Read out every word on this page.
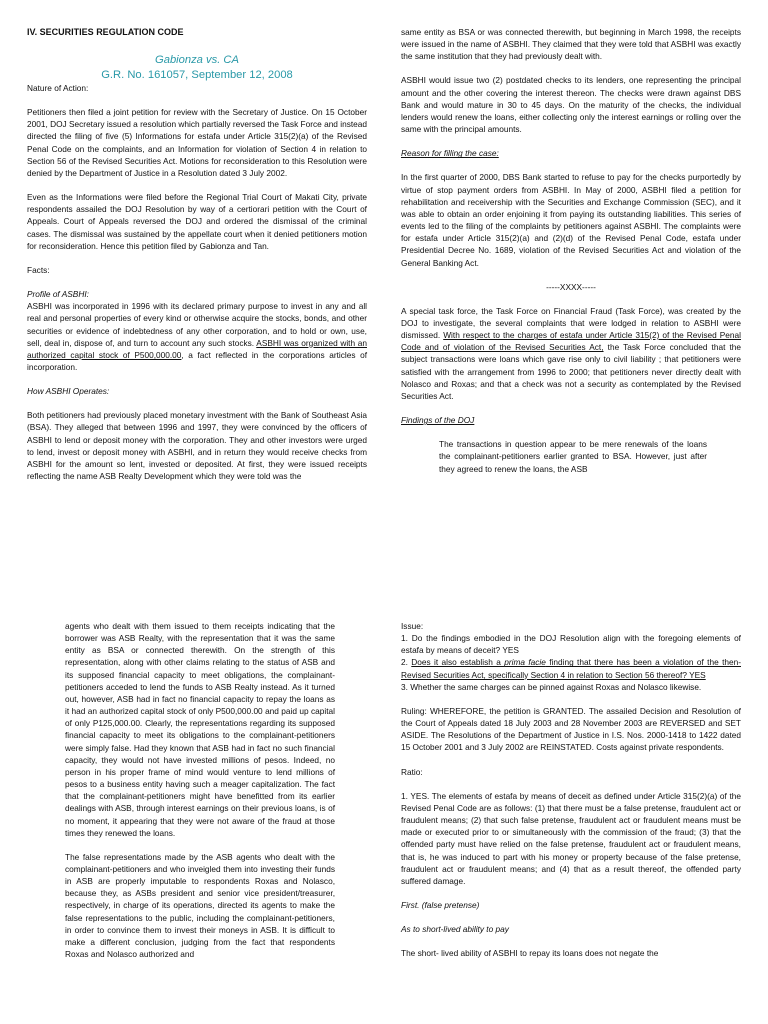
IV. SECURITIES REGULATION CODE
Gabionza vs. CA
G.R. No. 161057, September 12, 2008

Nature of Action:

Petitioners then filed a joint petition for review with the Secretary of Justice. On 15 October 2001, DOJ Secretary issued a resolution which partially reversed the Task Force and instead directed the filing of five (5) Informations for estafa under Article 315(2)(a) of the Revised Penal Code on the complaints, and an Information for violation of Section 4 in relation to Section 56 of the Revised Securities Act. Motions for reconsideration to this Resolution were denied by the Department of Justice in a Resolution dated 3 July 2002.

Even as the Informations were filed before the Regional Trial Court of Makati City, private respondents assailed the DOJ Resolution by way of a certiorari petition with the Court of Appeals. Court of Appeals reversed the DOJ and ordered the dismissal of the criminal cases. The dismissal was sustained by the appellate court when it denied petitioners motion for reconsideration. Hence this petition filed by Gabionza and Tan.

Facts:

Profile of ASBHI:

ASBHI was incorporated in 1996 with its declared primary purpose to invest in any and all real and personal properties of every kind or otherwise acquire the stocks, bonds, and other securities or evidence of indebtedness of any other corporation, and to hold or own, use, sell, deal in, dispose of, and turn to account any such stocks. ASBHI was organized with an authorized capital stock of P500,000.00, a fact reflected in the corporations articles of incorporation.

How ASBHI Operates:

Both petitioners had previously placed monetary investment with the Bank of Southeast Asia (BSA). They alleged that between 1996 and 1997, they were convinced by the officers of ASBHI to lend or deposit money with the corporation. They and other investors were urged to lend, invest or deposit money with ASBHI, and in return they would receive checks from ASBHI for the amount so lent, invested or deposited. At first, they were issued receipts reflecting the name ASB Realty Development which they were told was the

same entity as BSA or was connected therewith, but beginning in March 1998, the receipts were issued in the name of ASBHI. They claimed that they were told that ASBHI was exactly the same institution that they had previously dealt with.

ASBHI would issue two (2) postdated checks to its lenders, one representing the principal amount and the other covering the interest thereon. The checks were drawn against DBS Bank and would mature in 30 to 45 days. On the maturity of the checks, the individual lenders would renew the loans, either collecting only the interest earnings or rolling over the same with the principal amounts.

Reason for filling the case:

In the first quarter of 2000, DBS Bank started to refuse to pay for the checks purportedly by virtue of stop payment orders from ASBHI. In May of 2000, ASBHI filed a petition for rehabilitation and receivership with the Securities and Exchange Commission (SEC), and it was able to obtain an order enjoining it from paying its outstanding liabilities. This series of events led to the filing of the complaints by petitioners against ASBHI. The complaints were for estafa under Article 315(2)(a) and (2)(d) of the Revised Penal Code, estafa under Presidential Decree No. 1689, violation of the Revised Securities Act and violation of the General Banking Act.

-----XXXX-----

A special task force, the Task Force on Financial Fraud (Task Force), was created by the DOJ to investigate, the several complaints that were lodged in relation to ASBHI were dismissed. With respect to the charges of estafa under Article 315(2) of the Revised Penal Code and of violation of the Revised Securities Act, the Task Force concluded that the subject transactions were loans which gave rise only to civil liability ; that petitioners were satisfied with the arrangement from 1996 to 2000; that petitioners never directly dealt with Nolasco and Roxas; and that a check was not a security as contemplated by the Revised Securities Act.

Findings of the DOJ

The transactions in question appear to be mere renewals of the loans the complainant-petitioners earlier granted to BSA. However, just after they agreed to renew the loans, the ASB

agents who dealt with them issued to them receipts indicating that the borrower was ASB Realty, with the representation that it was the same entity as BSA or connected therewith. On the strength of this representation, along with other claims relating to the status of ASB and its supposed financial capacity to meet obligations, the complainant- petitioners acceded to lend the funds to ASB Realty instead. As it turned out, however, ASB had in fact no financial capacity to repay the loans as it had an authorized capital stock of only P500,000.00 and paid up capital of only P125,000.00. Clearly, the representations regarding its supposed financial capacity to meet its obligations to the complainant-petitioners were simply false. Had they known that ASB had in fact no such financial capacity, they would not have invested millions of pesos. Indeed, no person in his proper frame of mind would venture to lend millions of pesos to a business entity having such a meager capitalization. The fact that the complainant-petitioners might have benefitted from its earlier dealings with ASB, through interest earnings on their previous loans, is of no moment, it appearing that they were not aware of the fraud at those times they renewed the loans.

The false representations made by the ASB agents who dealt with the complainant-petitioners and who inveigled them into investing their funds in ASB are properly imputable to respondents Roxas and Nolasco, because they, as ASBs president and senior vice president/treasurer, respectively, in charge of its operations, directed its agents to make the false representations to the public, including the complainant-petitioners, in order to convince them to invest their moneys in ASB. It is difficult to make a different conclusion, judging from the fact that respondents Roxas and Nolasco authorized and

Issue:

1. Do the findings embodied in the DOJ Resolution align with the foregoing elements of estafa by means of deceit? YES

2. Does it also establish a prima facie finding that there has been a violation of the then-Revised Securities Act, specifically Section 4 in relation to Section 56 thereof? YES

3. Whether the same charges can be pinned against Roxas and Nolasco likewise.

Ruling: WHEREFORE, the petition is GRANTED. The assailed Decision and Resolution of the Court of Appeals dated 18 July 2003 and 28 November 2003 are REVERSED and SET ASIDE. The Resolutions of the Department of Justice in I.S. Nos. 2000-1418 to 1422 dated 15 October 2001 and 3 July 2002 are REINSTATED. Costs against private respondents.

Ratio:

1. YES. The elements of estafa by means of deceit as defined under Article 315(2)(a) of the Revised Penal Code are as follows: (1) that there must be a false pretense, fraudulent act or fraudulent means; (2) that such false pretense, fraudulent act or fraudulent means must be made or executed prior to or simultaneously with the commission of the fraud; (3) that the offended party must have relied on the false pretense, fraudulent act or fraudulent means, that is, he was induced to part with his money or property because of the false pretense, fraudulent act or fraudulent means; and (4) that as a result thereof, the offended party suffered damage.

First. (false pretense)

As to short-lived ability to pay

The short- lived ability of ASBHI to repay its loans does not negate the
